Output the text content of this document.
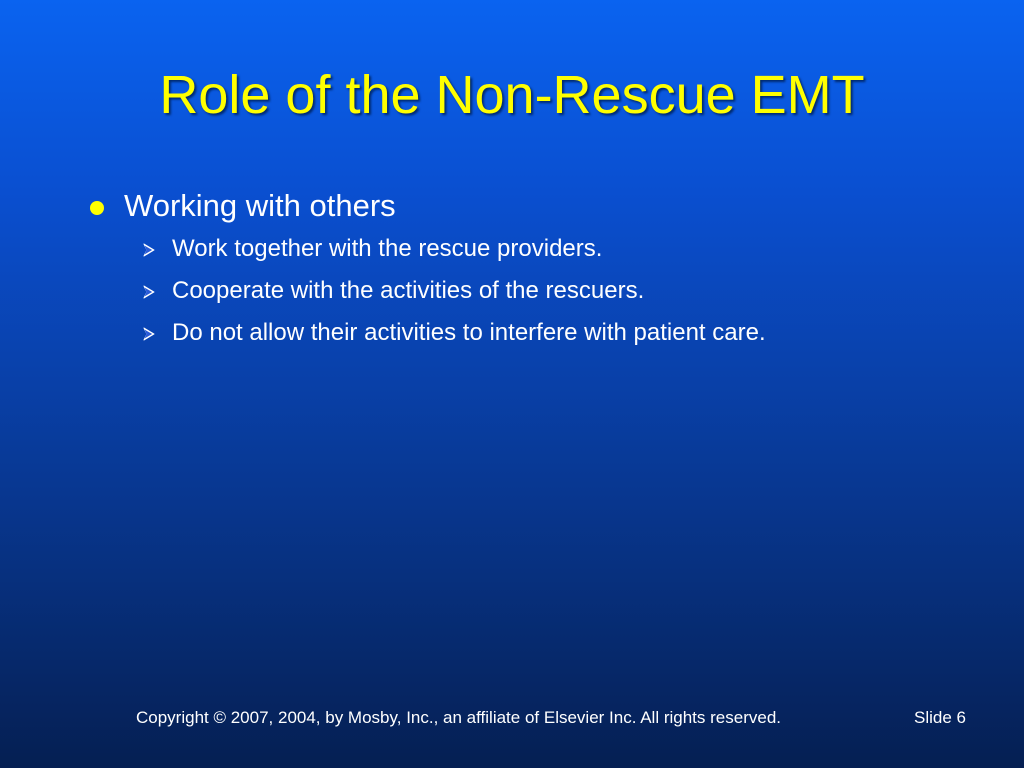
Role of the Non-Rescue EMT
Working with others
Work together with the rescue providers.
Cooperate with the activities of the rescuers.
Do not allow their activities to interfere with patient care.
Copyright © 2007, 2004, by Mosby, Inc., an affiliate of Elsevier Inc. All rights reserved.	Slide 6
